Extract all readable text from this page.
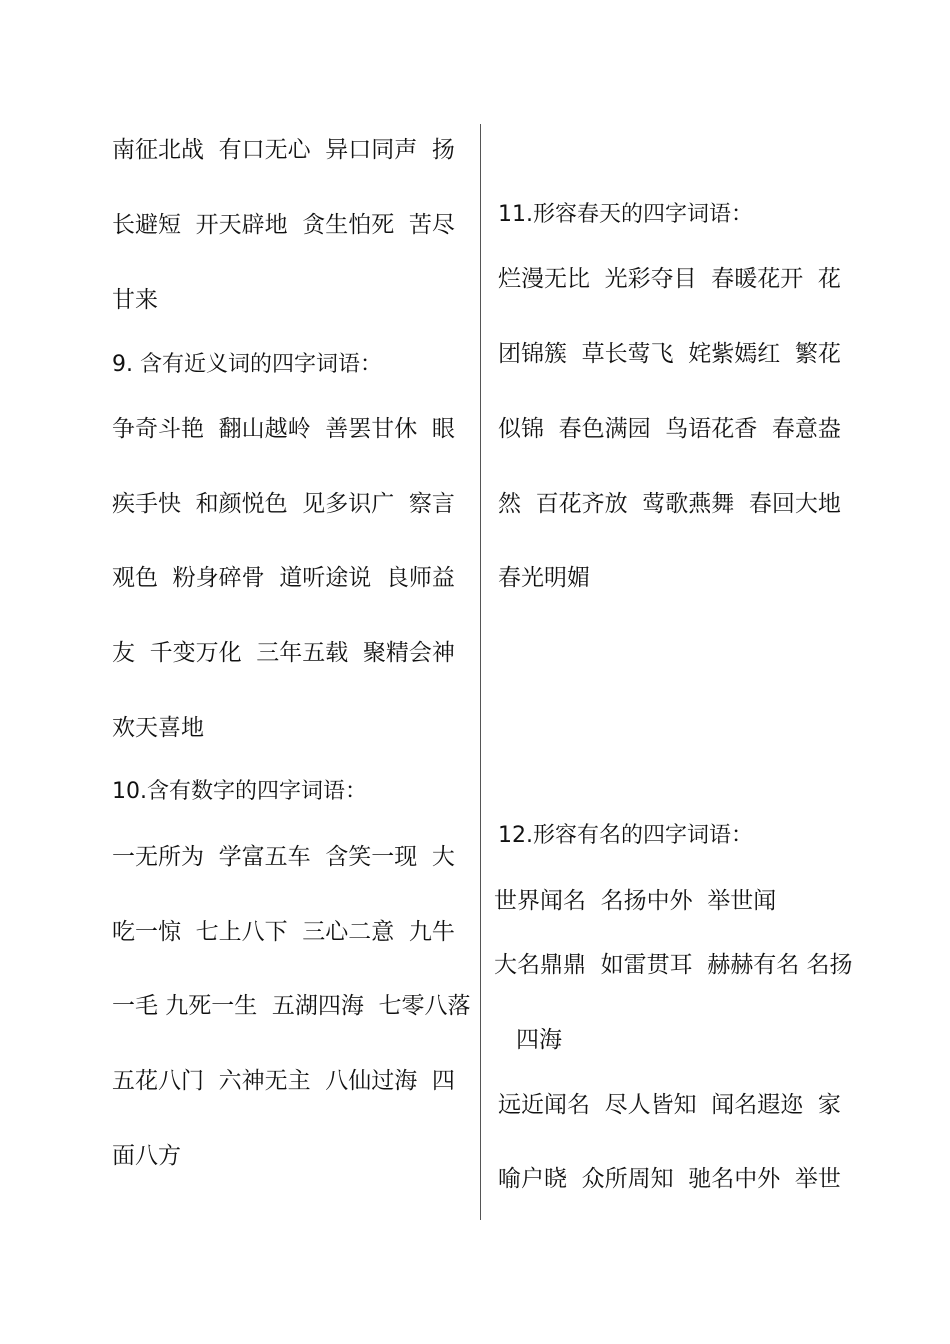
南征北战  有口无心  异口同声  扬
长避短  开天辟地  贪生怕死  苦尽
甘来
9. 含有近义词的四字词语：
争奇斗艳  翻山越岭  善罢甘休  眼
疾手快  和颜悦色  见多识广  察言
观色  粉身碎骨  道听途说  良师益
友  千变万化  三年五载  聚精会神
欢天喜地
10.含有数字的四字词语：
一无所为  学富五车  含笑一现  大
吃一惊  七上八下  三心二意  九牛
一毛 九死一生  五湖四海  七零八落
五花八门  六神无主  八仙过海  四
面八方
11.形容春天的四字词语：
烂漫无比  光彩夺目  春暖花开  花
团锦簇  草长莺飞  姹紫嫣红  繁花
似锦  春色满园  鸟语花香  春意盎
然  百花齐放  莺歌燕舞  春回大地
春光明媚
12.形容有名的四字词语：
世界闻名  名扬中外  举世闻
大名鼎鼎  如雷贯耳  赫赫有名 名扬
四海
远近闻名  尽人皆知  闻名遐迩  家
喻户晓  众所周知  驰名中外  举世
